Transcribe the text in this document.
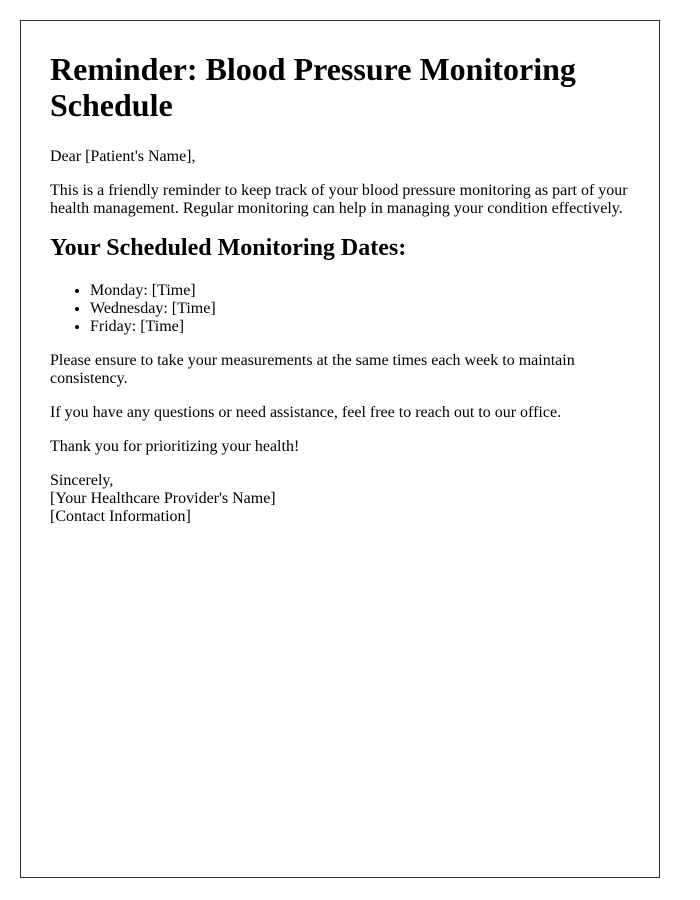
Reminder: Blood Pressure Monitoring Schedule

Dear [Patient's Name],

This is a friendly reminder to keep track of your blood pressure monitoring as part of your health management. Regular monitoring can help in managing your condition effectively.

Your Scheduled Monitoring Dates:
• Monday: [Time]
• Wednesday: [Time]
• Friday: [Time]

Please ensure to take your measurements at the same times each week to maintain consistency.

If you have any questions or need assistance, feel free to reach out to our office.

Thank you for prioritizing your health!

Sincerely,
[Your Healthcare Provider's Name]
[Contact Information]
